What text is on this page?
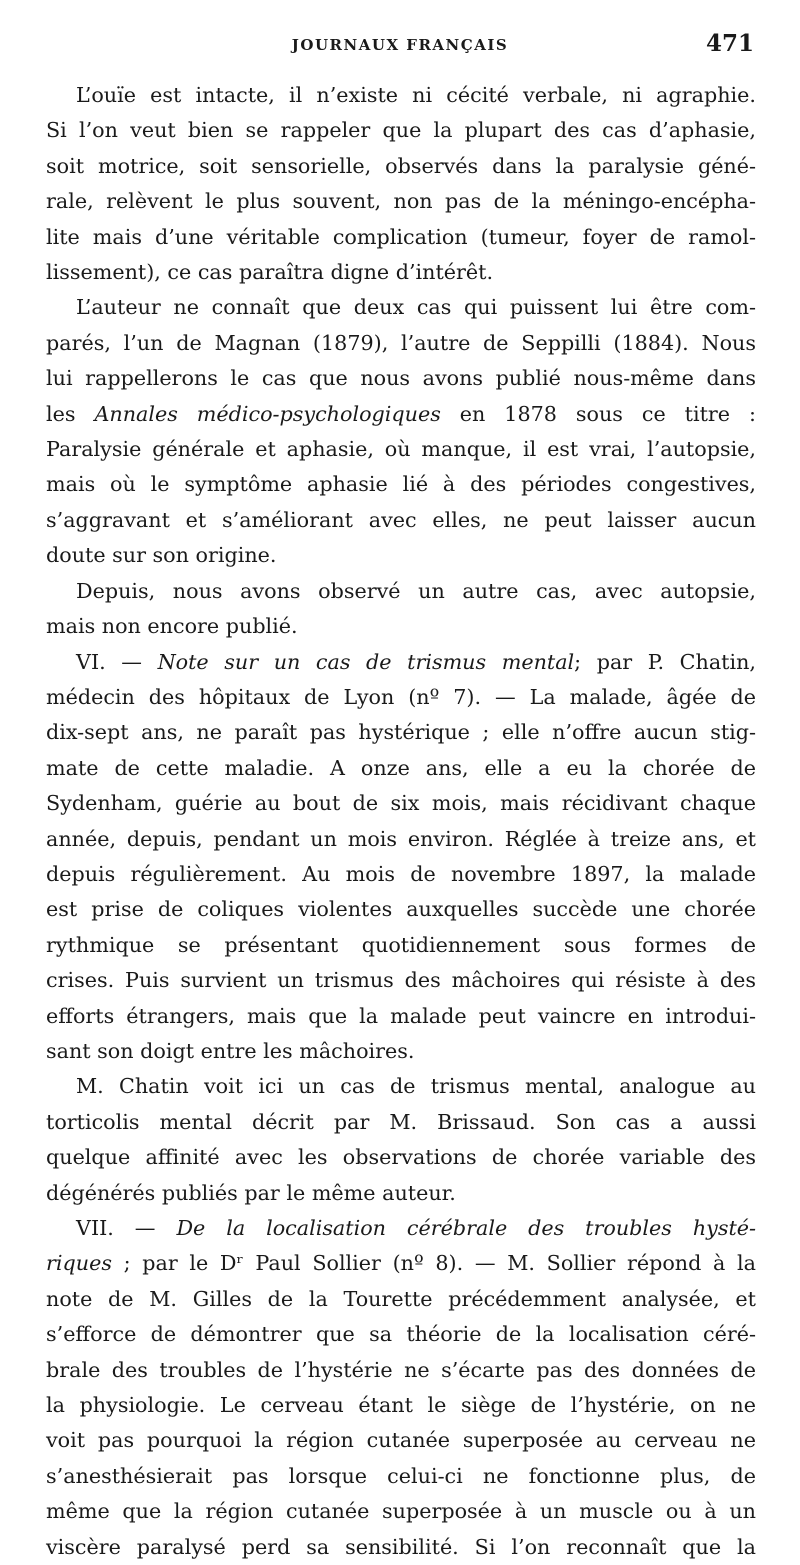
JOURNAUX FRANÇAIS	471
L’ouïe est intacte, il n’existe ni cécité verbale, ni agraphie.
Si l’on veut bien se rappeler que la plupart des cas d’aphasie,
soit motrice, soit sensorielle, observés dans la paralysie géné-
rale, relèvent le plus souvent, non pas de la méningo-encépha-
lite mais d’une véritable complication (tumeur, foyer de ramol-
lissement), ce cas paraîtra digne d’intérêt.
L’auteur ne connaît que deux cas qui puissent lui être com-
parés, l’un de Magnan (1879), l’autre de Seppilli (1884). Nous
lui rappellerons le cas que nous avons publié nous-même dans
les Annales médico-psychologiques en 1878 sous ce titre :
Paralysie générale et aphasie, où manque, il est vrai, l’autopsie,
mais où le symptôme aphasie lié à des périodes congestives,
s’aggravant et s’améliorant avec elles, ne peut laisser aucun
doute sur son origine.
Depuis, nous avons observé un autre cas, avec autopsie,
mais non encore publié.
VI. — Note sur un cas de trismus mental; par P. Chatin,
médecin des hôpitaux de Lyon (nº 7). — La malade, âgée de
dix-sept ans, ne paraît pas hystérique ; elle n’offre aucun stig-
mate de cette maladie. A onze ans, elle a eu la chorée de
Sydenham, guérie au bout de six mois, mais récidivant chaque
année, depuis, pendant un mois environ. Réglée à treize ans, et
depuis régulièrement. Au mois de novembre 1897, la malade
est prise de coliques violentes auxquelles succède une chorée
rythmique se présentant quotidiennement sous formes de
crises. Puis survient un trismus des mâchoires qui résiste à des
efforts étrangers, mais que la malade peut vaincre en introdui-
sant son doigt entre les mâchoires.
M. Chatin voit ici un cas de trismus mental, analogue au
torticolis mental décrit par M. Brissaud. Son cas a aussi
quelque affinité avec les observations de chorée variable des
dégénérés publiés par le même auteur.
VII. — De la localisation cérébrale des troubles hysté-
riques ; par le Dʳ Paul Sollier (nº 8). — M. Sollier répond à la
note de M. Gilles de la Tourette précédemment analysée, et
s’efforce de démontrer que sa théorie de la localisation céré-
brale des troubles de l’hystérie ne s’écarte pas des données de
la physiologie. Le cerveau étant le siège de l’hystérie, on ne
voit pas pourquoi la région cutanée superposée au cerveau ne
s’anesthésierait pas lorsque celui-ci ne fonctionne plus, de
même que la région cutanée superposée à un muscle ou à un
viscère paralysé perd sa sensibilité. Si l’on reconnaît que la
